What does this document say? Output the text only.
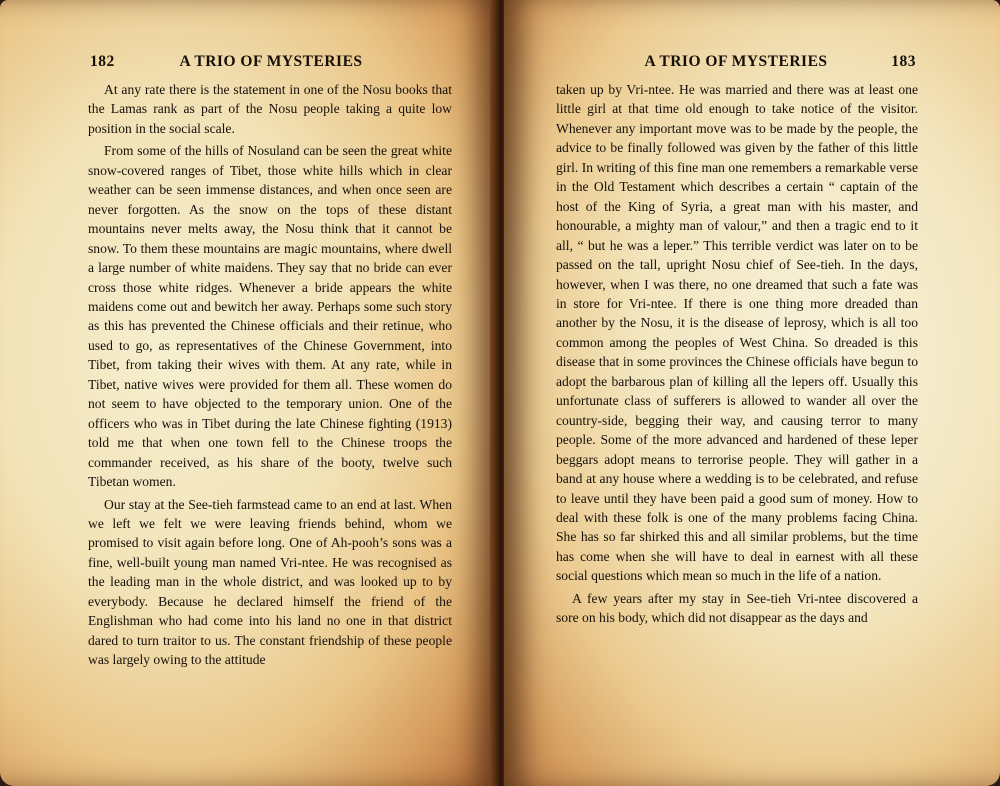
182	A TRIO OF MYSTERIES

At any rate there is the statement in one of the Nosu books that the Lamas rank as part of the Nosu people taking a quite low position in the social scale.

From some of the hills of Nosuland can be seen the great white snow-covered ranges of Tibet, those white hills which in clear weather can be seen immense distances, and when once seen are never forgotten. As the snow on the tops of these distant mountains never melts away, the Nosu think that it cannot be snow. To them these mountains are magic mountains, where dwell a large number of white maidens. They say that no bride can ever cross those white ridges. Whenever a bride appears the white maidens come out and bewitch her away. Perhaps some such story as this has prevented the Chinese officials and their retinue, who used to go, as representatives of the Chinese Government, into Tibet, from taking their wives with them. At any rate, while in Tibet, native wives were provided for them all. These women do not seem to have objected to the temporary union. One of the officers who was in Tibet during the late Chinese fighting (1913) told me that when one town fell to the Chinese troops the commander received, as his share of the booty, twelve such Tibetan women.

Our stay at the See-tieh farmstead came to an end at last. When we left we felt we were leaving friends behind, whom we promised to visit again before long. One of Ah-pooh’s sons was a fine, well-built young man named Vri-ntee. He was recognised as the leading man in the whole district, and was looked up to by everybody. Because he declared himself the friend of the Englishman who had come into his land no one in that district dared to turn traitor to us. The constant friendship of these people was largely owing to the attitude

A TRIO OF MYSTERIES	183

taken up by Vri-ntee. He was married and there was at least one little girl at that time old enough to take notice of the visitor. Whenever any important move was to be made by the people, the advice to be finally followed was given by the father of this little girl. In writing of this fine man one remembers a remarkable verse in the Old Testament which describes a certain “ captain of the host of the King of Syria, a great man with his master, and honourable, a mighty man of valour,” and then a tragic end to it all, “ but he was a leper.” This terrible verdict was later on to be passed on the tall, upright Nosu chief of See-tieh. In the days, however, when I was there, no one dreamed that such a fate was in store for Vri-ntee. If there is one thing more dreaded than another by the Nosu, it is the disease of leprosy, which is all too common among the peoples of West China. So dreaded is this disease that in some provinces the Chinese officials have begun to adopt the barbarous plan of killing all the lepers off. Usually this unfortunate class of sufferers is allowed to wander all over the country-side, begging their way, and causing terror to many people. Some of the more advanced and hardened of these leper beggars adopt means to terrorise people. They will gather in a band at any house where a wedding is to be celebrated, and refuse to leave until they have been paid a good sum of money. How to deal with these folk is one of the many problems facing China. She has so far shirked this and all similar problems, but the time has come when she will have to deal in earnest with all these social questions which mean so much in the life of a nation.

A few years after my stay in See-tieh Vri-ntee discovered a sore on his body, which did not disappear as the days and
